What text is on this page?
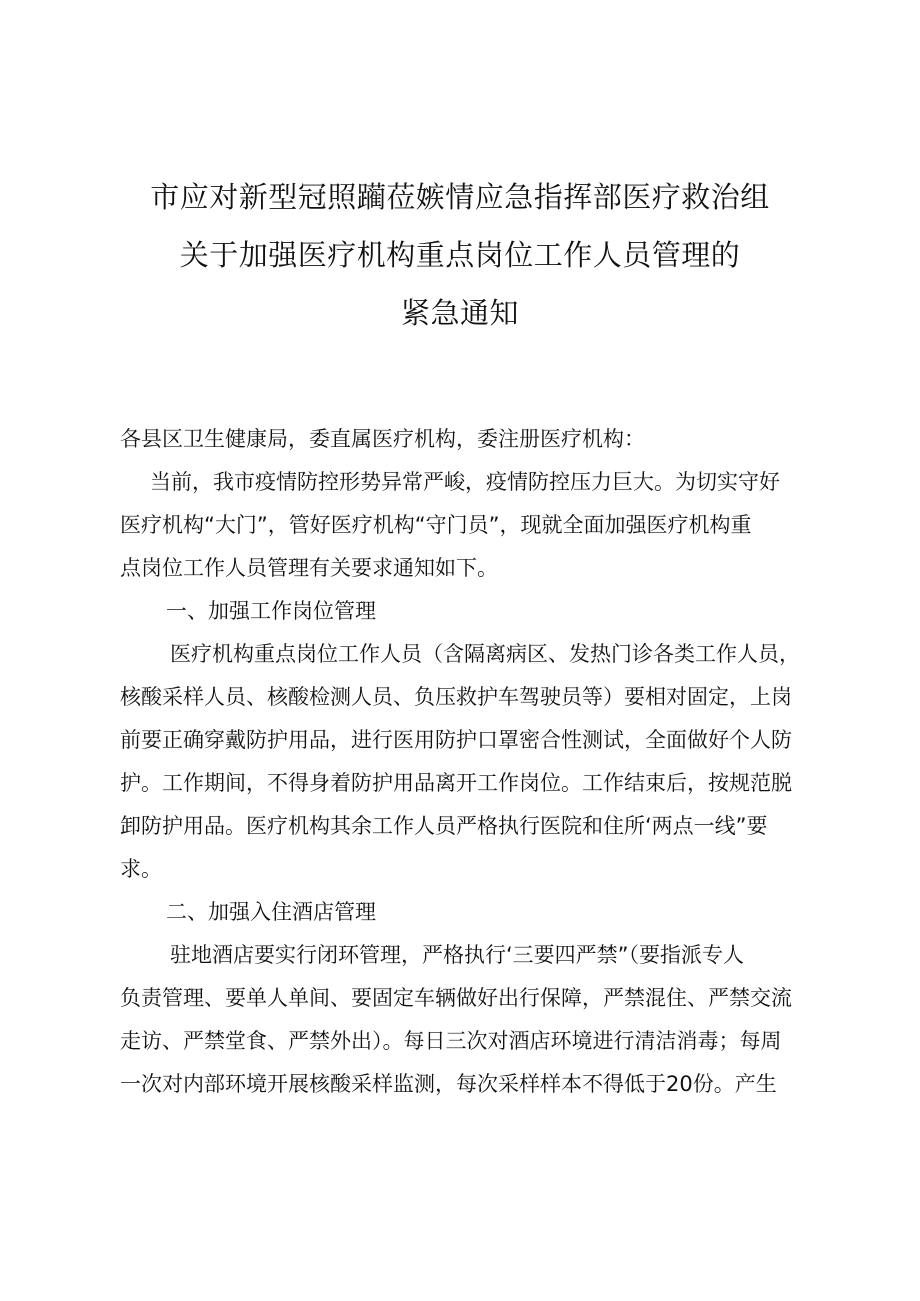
市应对新型冠照躏莅嫉情应急指挥部医疗救治组
关于加强医疗机构重点岗位工作人员管理的
紧急通知
各县区卫生健康局，委直属医疗机构，委注册医疗机构：
当前，我市疫情防控形势异常严峻，疫情防控压力巨大。为切实守好
医疗机构“大门”，管好医疗机构“守门员”，现就全面加强医疗机构重
点岗位工作人员管理有关要求通知如下。
一、加强工作岗位管理
医疗机构重点岗位工作人员（含隔离病区、发热门诊各类工作人员，
核酸采样人员、核酸检测人员、负压救护车驾驶员等）要相对固定，上岗
前要正确穿戴防护用品，进行医用防护口罩密合性测试，全面做好个人防
护。工作期间，不得身着防护用品离开工作岗位。工作结束后，按规范脱
卸防护用品。医疗机构其余工作人员严格执行医院和住所‘两点一线”要
求。
二、加强入住酒店管理
驻地酒店要实行闭环管理，严格执行‘三要四严禁”（要指派专人
负责管理、要单人单间、要固定车辆做好出行保障，严禁混住、严禁交流
走访、严禁堂食、严禁外出）。每日三次对酒店环境进行清洁消毒；每周
一次对内部环境开展核酸采样监测，每次采样样本不得低于20份。产生
